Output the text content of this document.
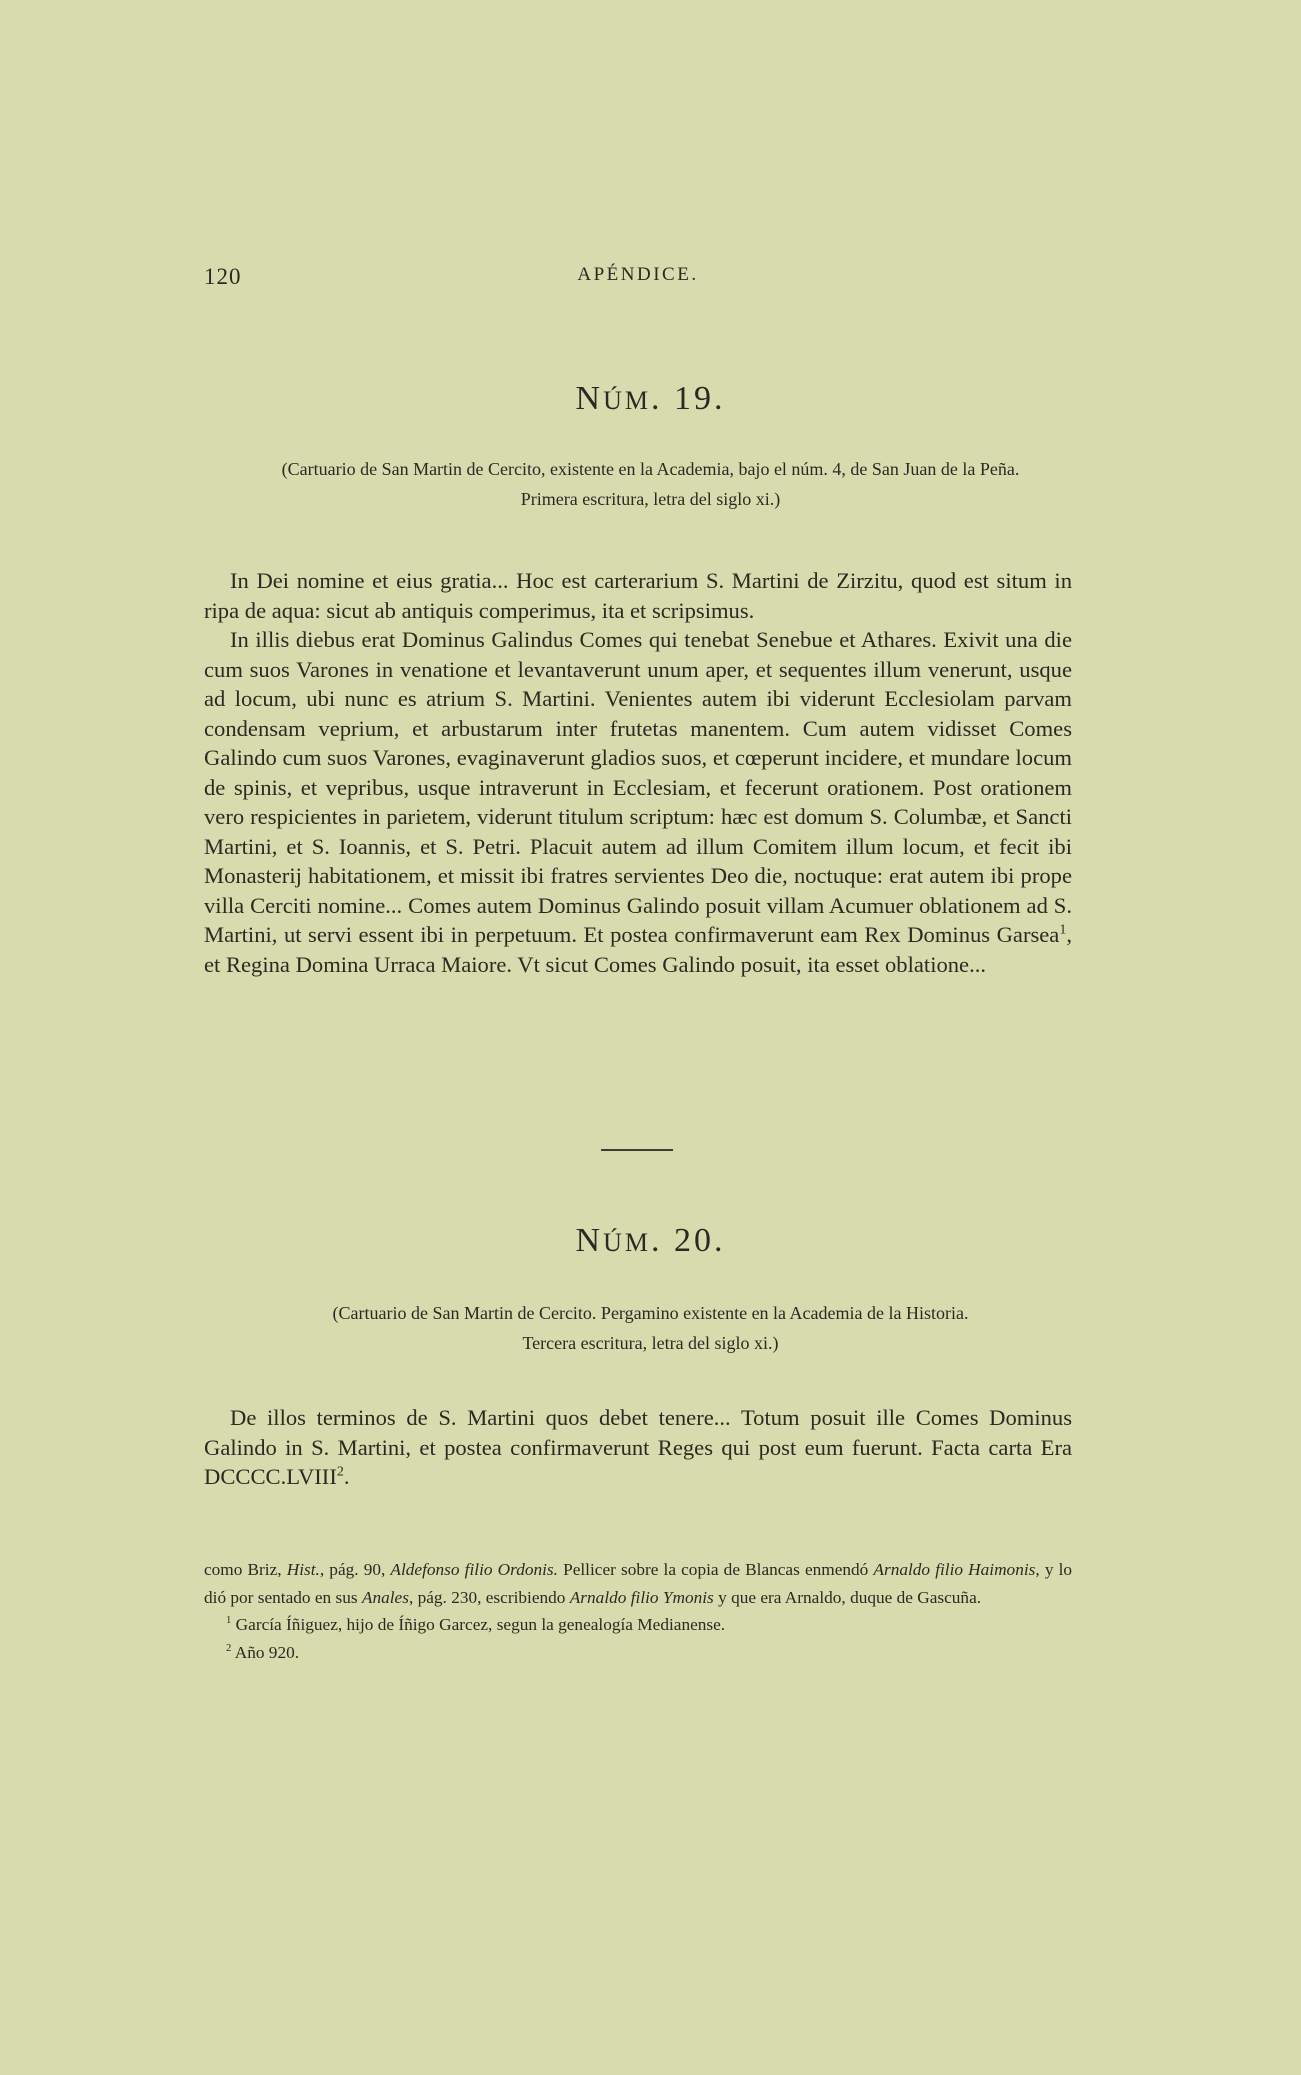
120	APÉNDICE.
NÚM. 19.
(Cartuario de San Martin de Cercito, existente en la Academia, bajo el núm. 4, de San Juan de la Peña.
Primera escritura, letra del siglo xi.)

In Dei nomine et eius gratia... Hoc est carterarium S. Martini de Zirzitu, quod est situm in ripa de aqua: sicut ab antiquis comperimus, ita et scripsimus.

In illis diebus erat Dominus Galindus Comes qui tenebat Senebue et Athares. Exivit una die cum suos Varones in venatione et levantaverunt unum aper, et sequentes illum venerunt, usque ad locum, ubi nunc es atrium S. Martini. Venientes autem ibi viderunt Ecclesiolam parvam condensam veprium, et arbustarum inter frutetas manentem. Cum autem vidisset Comes Galindo cum suos Varones, evaginaverunt gladios suos, et cœperunt incidere, et mundare locum de spinis, et vepribus, usque intraverunt in Ecclesiam, et fecerunt orationem. Post orationem vero respicientes in parietem, viderunt titulum scriptum: hæc est domum S. Columbæ, et Sancti Martini, et S. Ioannis, et S. Petri. Placuit autem ad illum Comitem illum locum, et fecit ibi Monasterij habitationem, et missit ibi fratres servientes Deo die, noctuque: erat autem ibi prope villa Cerciti nomine... Comes autem Dominus Galindo posuit villam Acumuer oblationem ad S. Martini, ut servi essent ibi in perpetuum. Et postea confirmaverunt eam Rex Dominus Garsea$^1$, et Regina Domina Urraca Maiore. Vt sicut Comes Galindo posuit, ita esset oblatione...

NÚM. 20.
(Cartuario de San Martin de Cercito. Pergamino existente en la Academia de la Historia.
Tercera escritura, letra del siglo xi.)

De illos terminos de S. Martini quos debet tenere... Totum posuit ille Comes Dominus Galindo in S. Martini, et postea confirmaverunt Reges qui post eum fuerunt. Facta carta Era DCCCC.LVIII$^2$.

como Briz, Hist., pág. 90, Aldefonso filio Ordonis. Pellicer sobre la copia de Blancas enmendó Arnaldo filio Haimonis, y lo dió por sentado en sus Anales, pág. 230, escribiendo Arnaldo filio Ymonis y que era Arnaldo, duque de Gascuña.

$^1$ García Íñiguez, hijo de Íñigo Garcez, segun la genealogía Medianense.

$^2$ Año 920.
